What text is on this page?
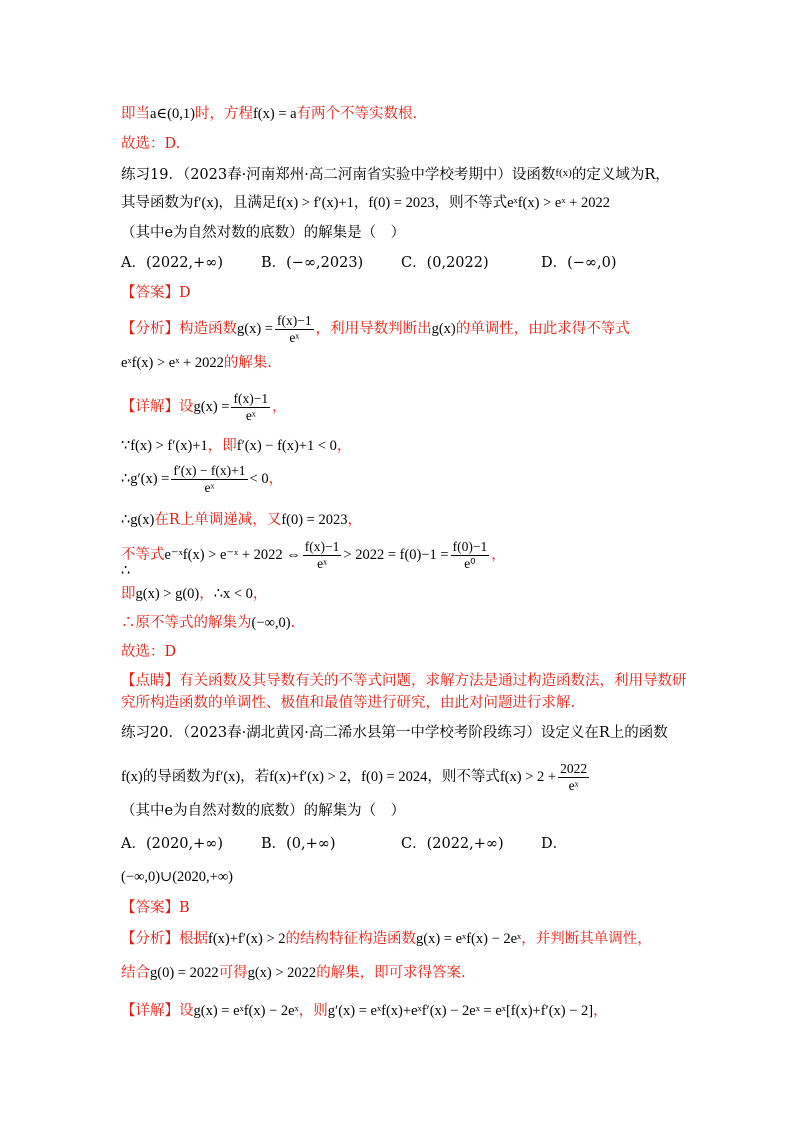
即当a∈(0,1)时，方程f(x) = a有两个不等实数根.
故选：D.
练习19．（2023春·河南郑州·高二河南省实验中学校考期中）设函数$^{f(x)}$的定义域为R，
其导函数为f′(x)，且满足f(x) > f′(x)+1，f(0) = 2023，则不等式eˣf(x) > eˣ + 2022
（其中e为自然对数的底数）的解集是（　）
A．(2022,+∞)	B．(−∞,2023)	C．(0,2022)	D．(−∞,0)
【答案】D
【分析】构造函数$g(x) = \frac{f(x)-1}{\text{eˣ}}$ ，利用导数判断出g(x)的单调性，由此求得不等式
eˣf(x) > eˣ + 2022的解集.
【详解】设$g(x) = \frac{f(x)-1}{\text{eˣ}}$ ，
∵f(x) > f′(x)+1，即f′(x) − f(x)+1 < 0，
∴g′(x) = $\frac{f'(x) - f(x)+1}{\text{eˣ}} < 0$，
∴g(x)在R上单调递减，又f(0) = 2023，
不等式e⁻ˣf(x) > e⁻ˣ + 2022 ⇔ $\frac{f(x)-1}{\text{eˣ}} > 2022 = f(0)-1 = \frac{f(0)-1}{\text{e⁰}}$ ，
∴
即g(x) > g(0)，∴x < 0，
∴原不等式的解集为(−∞,0).
故选：D
【点睛】有关函数及其导数有关的不等式问题，求解方法是通过构造函数法，利用导数研
究所构造函数的单调性、极值和最值等进行研究，由此对问题进行求解.
练习20．（2023春·湖北黄冈·高二浠水县第一中学校考阶段练习）设定义在R上的函数
f(x)的导函数为f′(x)，若f(x)+f′(x) > 2，f(0) = 2024，则不等式$f(x) > 2 + \frac{2022}{\text{eˣ}}$
（其中e为自然对数的底数）的解集为（　）
A．(2020,+∞)	B．(0,+∞)	C．(2022,+∞)	D．
(−∞,0)∪(2020,+∞)
【答案】B
【分析】根据f(x)+f′(x) > 2的结构特征构造函数g(x) = eˣf(x) − 2eˣ，并判断其单调性，
结合g(0) = 2022可得g(x) > 2022的解集，即可求得答案.
【详解】设g(x) = eˣf(x) − 2eˣ，则g′(x) = eˣf(x)+eˣf′(x) − 2eˣ = eˣ[f(x)+f′(x) − 2]，
